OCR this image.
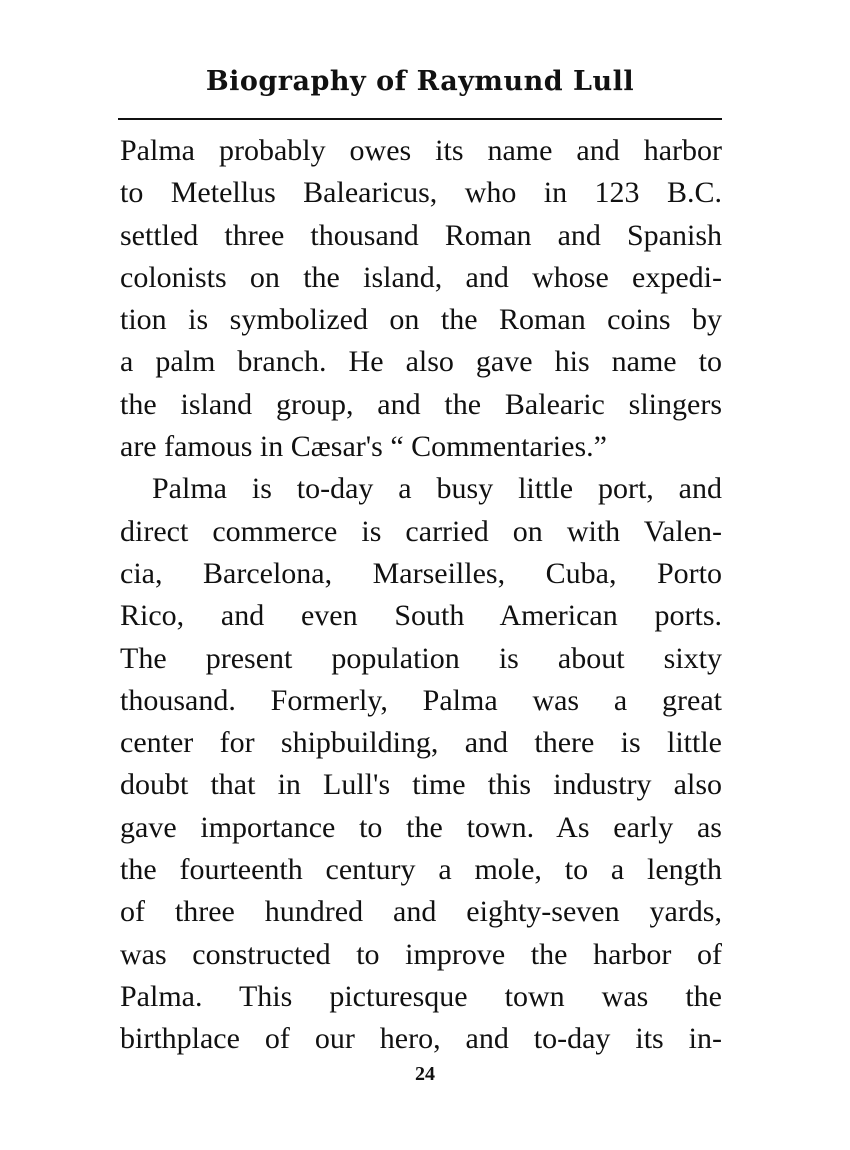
Biography of Raymund Lull
Palma probably owes its name and harbor
to Metellus Balearicus, who in 123 B.C.
settled three thousand Roman and Spanish
colonists on the island, and whose expedi-
tion is symbolized on the Roman coins by
a palm branch. He also gave his name to
the island group, and the Balearic slingers
are famous in Cæsar's “ Commentaries.”
Palma is to-day a busy little port, and
direct commerce is carried on with Valen-
cia, Barcelona, Marseilles, Cuba, Porto
Rico, and even South American ports.
The present population is about sixty
thousand. Formerly, Palma was a great
center for shipbuilding, and there is little
doubt that in Lull's time this industry also
gave importance to the town. As early as
the fourteenth century a mole, to a length
of three hundred and eighty-seven yards,
was constructed to improve the harbor of
Palma. This picturesque town was the
birthplace of our hero, and to-day its in-
24
